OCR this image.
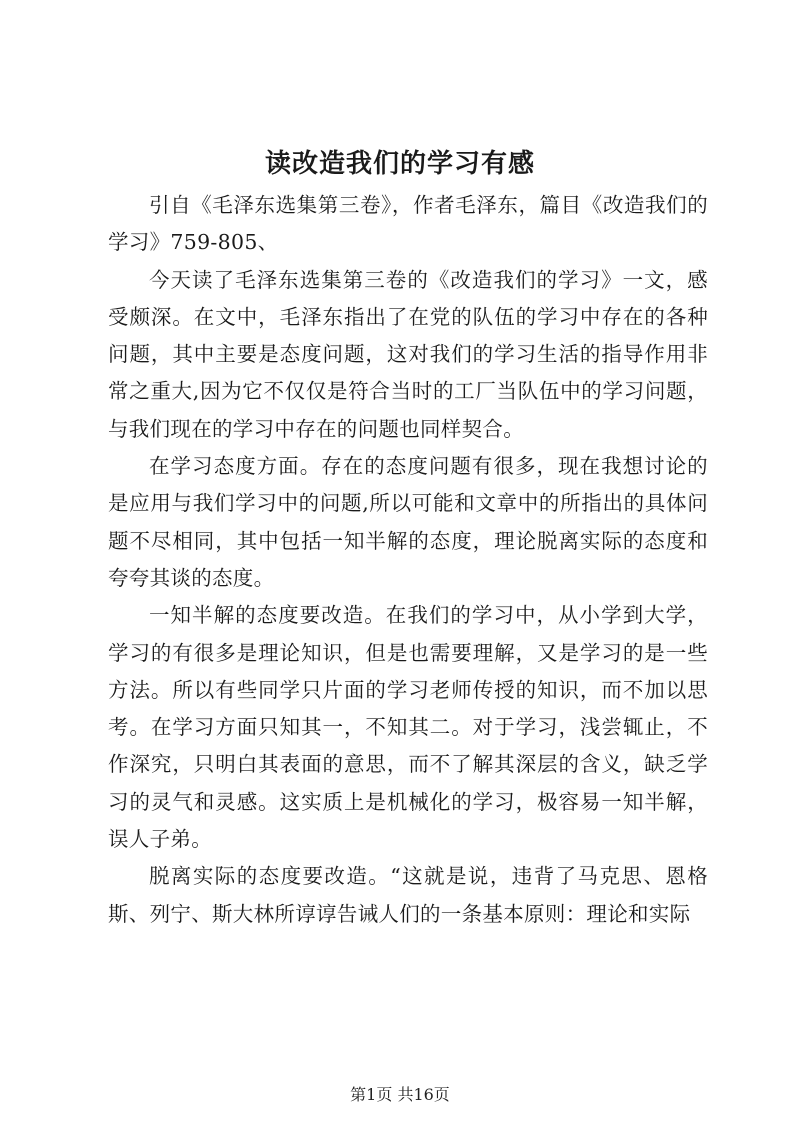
读改造我们的学习有感

引自《毛泽东选集第三卷》，作者毛泽东，篇目《改造我们的学习》759-805、

今天读了毛泽东选集第三卷的《改造我们的学习》一文，感受颇深。在文中，毛泽东指出了在党的队伍的学习中存在的各种问题，其中主要是态度问题，这对我们的学习生活的指导作用非常之重大,因为它不仅仅是符合当时的工厂当队伍中的学习问题，与我们现在的学习中存在的问题也同样契合。

在学习态度方面。存在的态度问题有很多，现在我想讨论的是应用与我们学习中的问题,所以可能和文章中的所指出的具体问题不尽相同，其中包括一知半解的态度，理论脱离实际的态度和夸夸其谈的态度。

一知半解的态度要改造。在我们的学习中，从小学到大学，学习的有很多是理论知识，但是也需要理解，又是学习的是一些方法。所以有些同学只片面的学习老师传授的知识，而不加以思考。在学习方面只知其一，不知其二。对于学习，浅尝辄止，不作深究，只明白其表面的意思，而不了解其深层的含义，缺乏学习的灵气和灵感。这实质上是机械化的学习，极容易一知半解，误人子弟。

脱离实际的态度要改造。“这就是说，违背了马克思、恩格斯、列宁、斯大林所谆谆告诫人们的一条基本原则：理论和实际

第1页 共16页
